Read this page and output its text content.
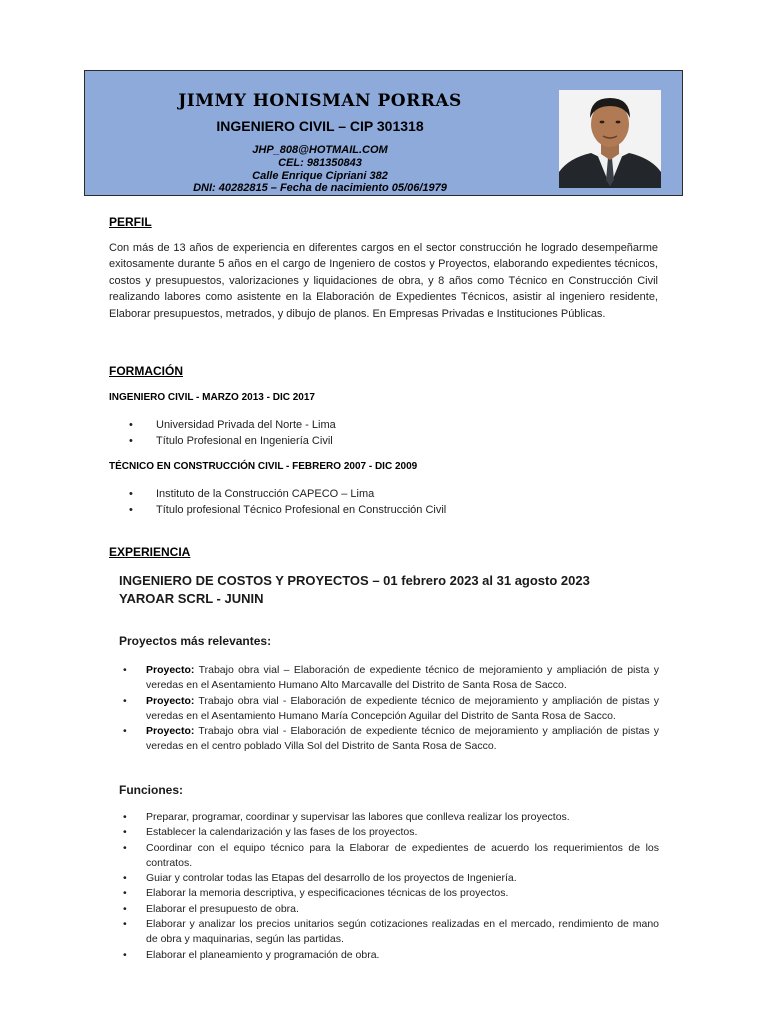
JIMMY HONISMAN PORRAS
INGENIERO CIVIL – CIP 301318
JHP_808@HOTMAIL.COM
CEL: 981350843
Calle Enrique Cipriani 382
DNI: 40282815 – Fecha de nacimiento 05/06/1979
PERFIL
Con más de 13 años de experiencia en diferentes cargos en el sector construcción he logrado desempeñarme exitosamente durante 5 años en el cargo de Ingeniero de costos y Proyectos, elaborando expedientes técnicos, costos y presupuestos, valorizaciones y liquidaciones de obra, y 8 años como Técnico en Construcción Civil realizando labores como asistente en la Elaboración de Expedientes Técnicos, asistir al ingeniero residente, Elaborar presupuestos, metrados, y dibujo de planos. En Empresas Privadas e Instituciones Públicas.
FORMACIÓN
INGENIERO CIVIL - MARZO 2013 - DIC 2017
• Universidad Privada del Norte - Lima
• Título Profesional en Ingeniería Civil
TÉCNICO EN CONSTRUCCIÓN CIVIL - FEBRERO 2007 - DIC 2009
• Instituto de la Construcción CAPECO – Lima
• Título profesional Técnico Profesional en Construcción Civil
EXPERIENCIA
INGENIERO DE COSTOS Y PROYECTOS – 01 febrero 2023 al 31 agosto 2023
YAROAR SCRL - JUNIN
Proyectos más relevantes:
• Proyecto: Trabajo obra vial – Elaboración de expediente técnico de mejoramiento y ampliación de pista y veredas en el Asentamiento Humano Alto Marcavalle del Distrito de Santa Rosa de Sacco.
• Proyecto: Trabajo obra vial - Elaboración de expediente técnico de mejoramiento y ampliación de pistas y veredas en el Asentamiento Humano María Concepción Aguilar del Distrito de Santa Rosa de Sacco.
• Proyecto: Trabajo obra vial - Elaboración de expediente técnico de mejoramiento y ampliación de pistas y veredas en el centro poblado Villa Sol del Distrito de Santa Rosa de Sacco.
Funciones:
• Preparar, programar, coordinar y supervisar las labores que conlleva realizar los proyectos.
• Establecer la calendarización y las fases de los proyectos.
• Coordinar con el equipo técnico para la Elaborar de expedientes de acuerdo los requerimientos de los contratos.
• Guiar y controlar todas las Etapas del desarrollo de los proyectos de Ingeniería.
• Elaborar la memoria descriptiva, y especificaciones técnicas de los proyectos.
• Elaborar el presupuesto de obra.
• Elaborar y analizar los precios unitarios según cotizaciones realizadas en el mercado, rendimiento de mano de obra y maquinarias, según las partidas.
• Elaborar el planeamiento y programación de obra.
